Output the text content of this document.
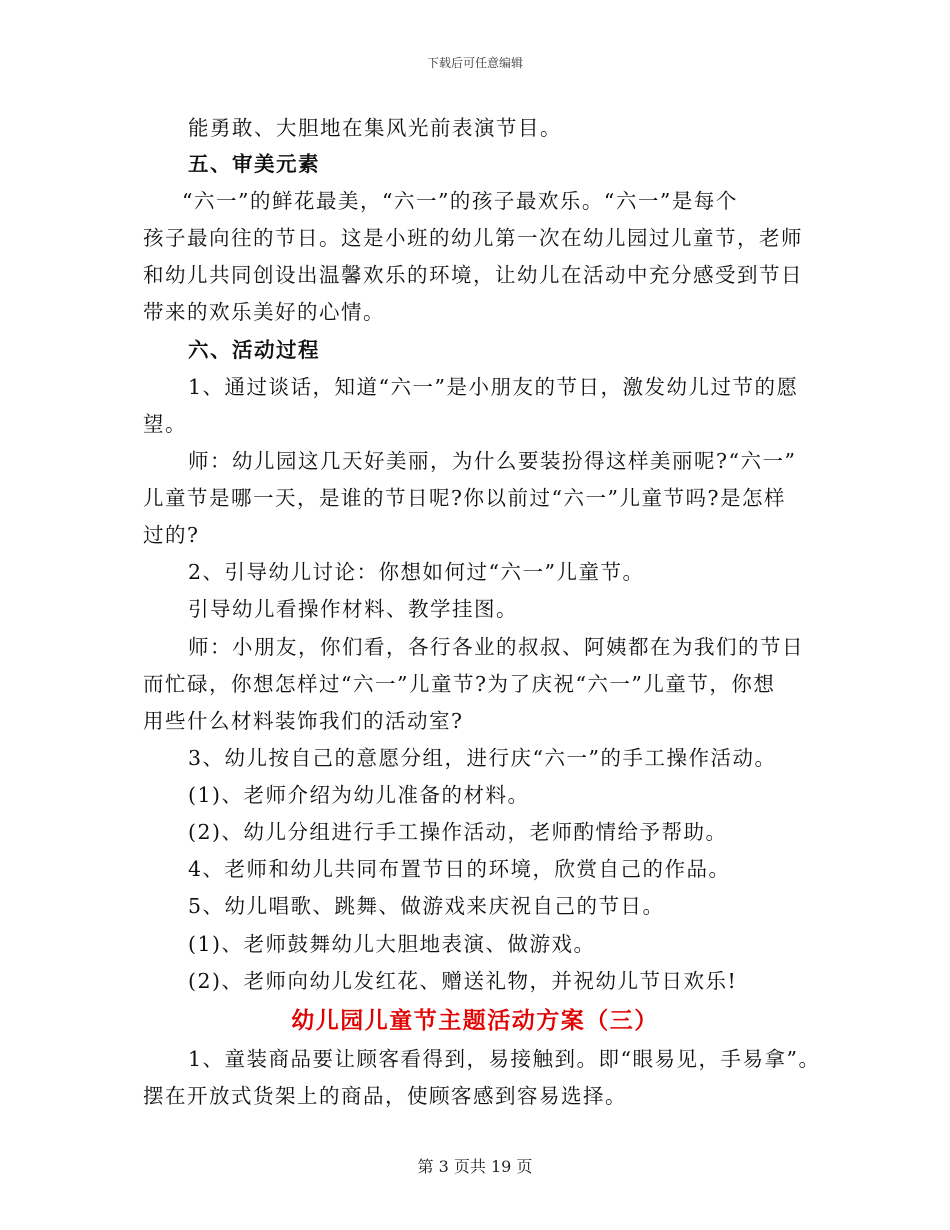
下载后可任意编辑
能勇敢、大胆地在集风光前表演节目。
五、审美元素
“六一”的鲜花最美，“六一”的孩子最欢乐。“六一”是每个
孩子最向往的节日。这是小班的幼儿第一次在幼儿园过儿童节，老师
和幼儿共同创设出温馨欢乐的环境，让幼儿在活动中充分感受到节日
带来的欢乐美好的心情。
六、活动过程
1、通过谈话，知道“六一”是小朋友的节日，激发幼儿过节的愿
望。
师：幼儿园这几天好美丽，为什么要装扮得这样美丽呢?“六一”
儿童节是哪一天，是谁的节日呢?你以前过“六一”儿童节吗?是怎样
过的?
2、引导幼儿讨论：你想如何过“六一”儿童节。
引导幼儿看操作材料、教学挂图。
师：小朋友，你们看，各行各业的叔叔、阿姨都在为我们的节日
而忙碌，你想怎样过“六一”儿童节?为了庆祝“六一”儿童节，你想
用些什么材料装饰我们的活动室?
3、幼儿按自己的意愿分组，进行庆“六一”的手工操作活动。
(1)、老师介绍为幼儿准备的材料。
(2)、幼儿分组进行手工操作活动，老师酌情给予帮助。
4、老师和幼儿共同布置节日的环境，欣赏自己的作品。
5、幼儿唱歌、跳舞、做游戏来庆祝自己的节日。
(1)、老师鼓舞幼儿大胆地表演、做游戏。
(2)、老师向幼儿发红花、赠送礼物，并祝幼儿节日欢乐!
幼儿园儿童节主题活动方案（三）
1、童装商品要让顾客看得到，易接触到。即“眼易见，手易拿”。
摆在开放式货架上的商品，使顾客感到容易选择。
第 3 页共 19 页
